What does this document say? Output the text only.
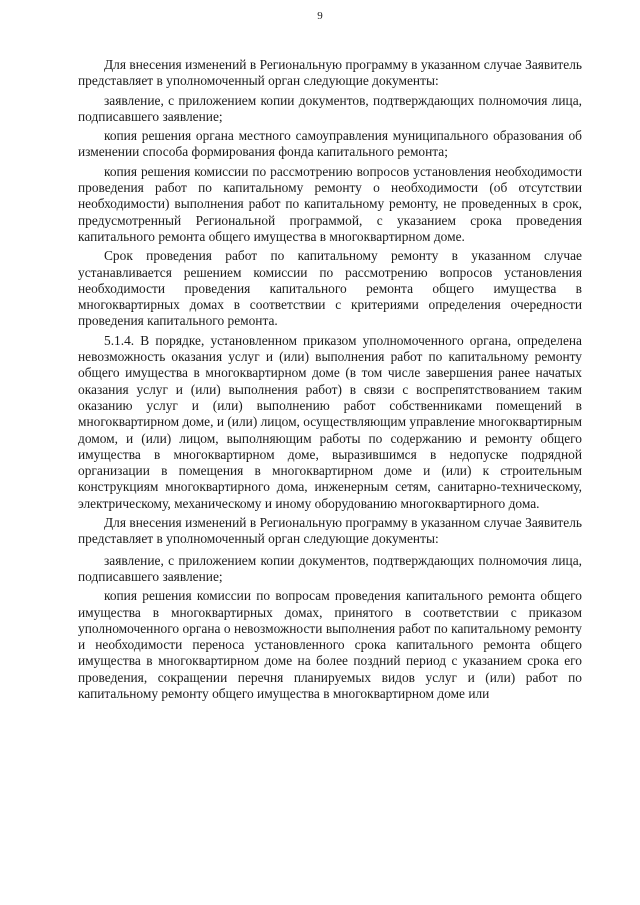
9

Для внесения изменений в Региональную программу в указанном случае Заявитель представляет в уполномоченный орган следующие документы:

заявление, с приложением копии документов, подтверждающих полномочия лица, подписавшего заявление;

копия решения органа местного самоуправления муниципального образования об изменении способа формирования фонда капитального ремонта;

копия решения комиссии по рассмотрению вопросов установления необходимости проведения работ по капитальному ремонту о необходимости (об отсутствии необходимости) выполнения работ по капитальному ремонту, не проведенных в срок, предусмотренный Региональной программой, с указанием срока проведения капитального ремонта общего имущества в многоквартирном доме.

Срок проведения работ по капитальному ремонту в указанном случае устанавливается решением комиссии по рассмотрению вопросов установления необходимости проведения капитального ремонта общего имущества в многоквартирных домах в соответствии с критериями определения очередности проведения капитального ремонта.

5.1.4. В порядке, установленном приказом уполномоченного органа, определена невозможность оказания услуг и (или) выполнения работ по капитальному ремонту общего имущества в многоквартирном доме (в том числе завершения ранее начатых оказания услуг и (или) выполнения работ) в связи с воспрепятствованием таким оказанию услуг и (или) выполнению работ собственниками помещений в многоквартирном доме, и (или) лицом, осуществляющим управление многоквартирным домом, и (или) лицом, выполняющим работы по содержанию и ремонту общего имущества в многоквартирном доме, выразившимся в недопуске подрядной организации в помещения в многоквартирном доме и (или) к строительным конструкциям многоквартирного дома, инженерным сетям, санитарно-техническому, электрическому, механическому и иному оборудованию многоквартирного дома.

Для внесения изменений в Региональную программу в указанном случае Заявитель представляет в уполномоченный орган следующие документы:

заявление, с приложением копии документов, подтверждающих полномочия лица, подписавшего заявление;

копия решения комиссии по вопросам проведения капитального ремонта общего имущества в многоквартирных домах, принятого в соответствии с приказом уполномоченного органа о невозможности выполнения работ по капитальному ремонту и необходимости переноса установленного срока капитального ремонта общего имущества в многоквартирном доме на более поздний период с указанием срока его проведения, сокращении перечня планируемых видов услуг и (или) работ по капитальному ремонту общего имущества в многоквартирном доме или
